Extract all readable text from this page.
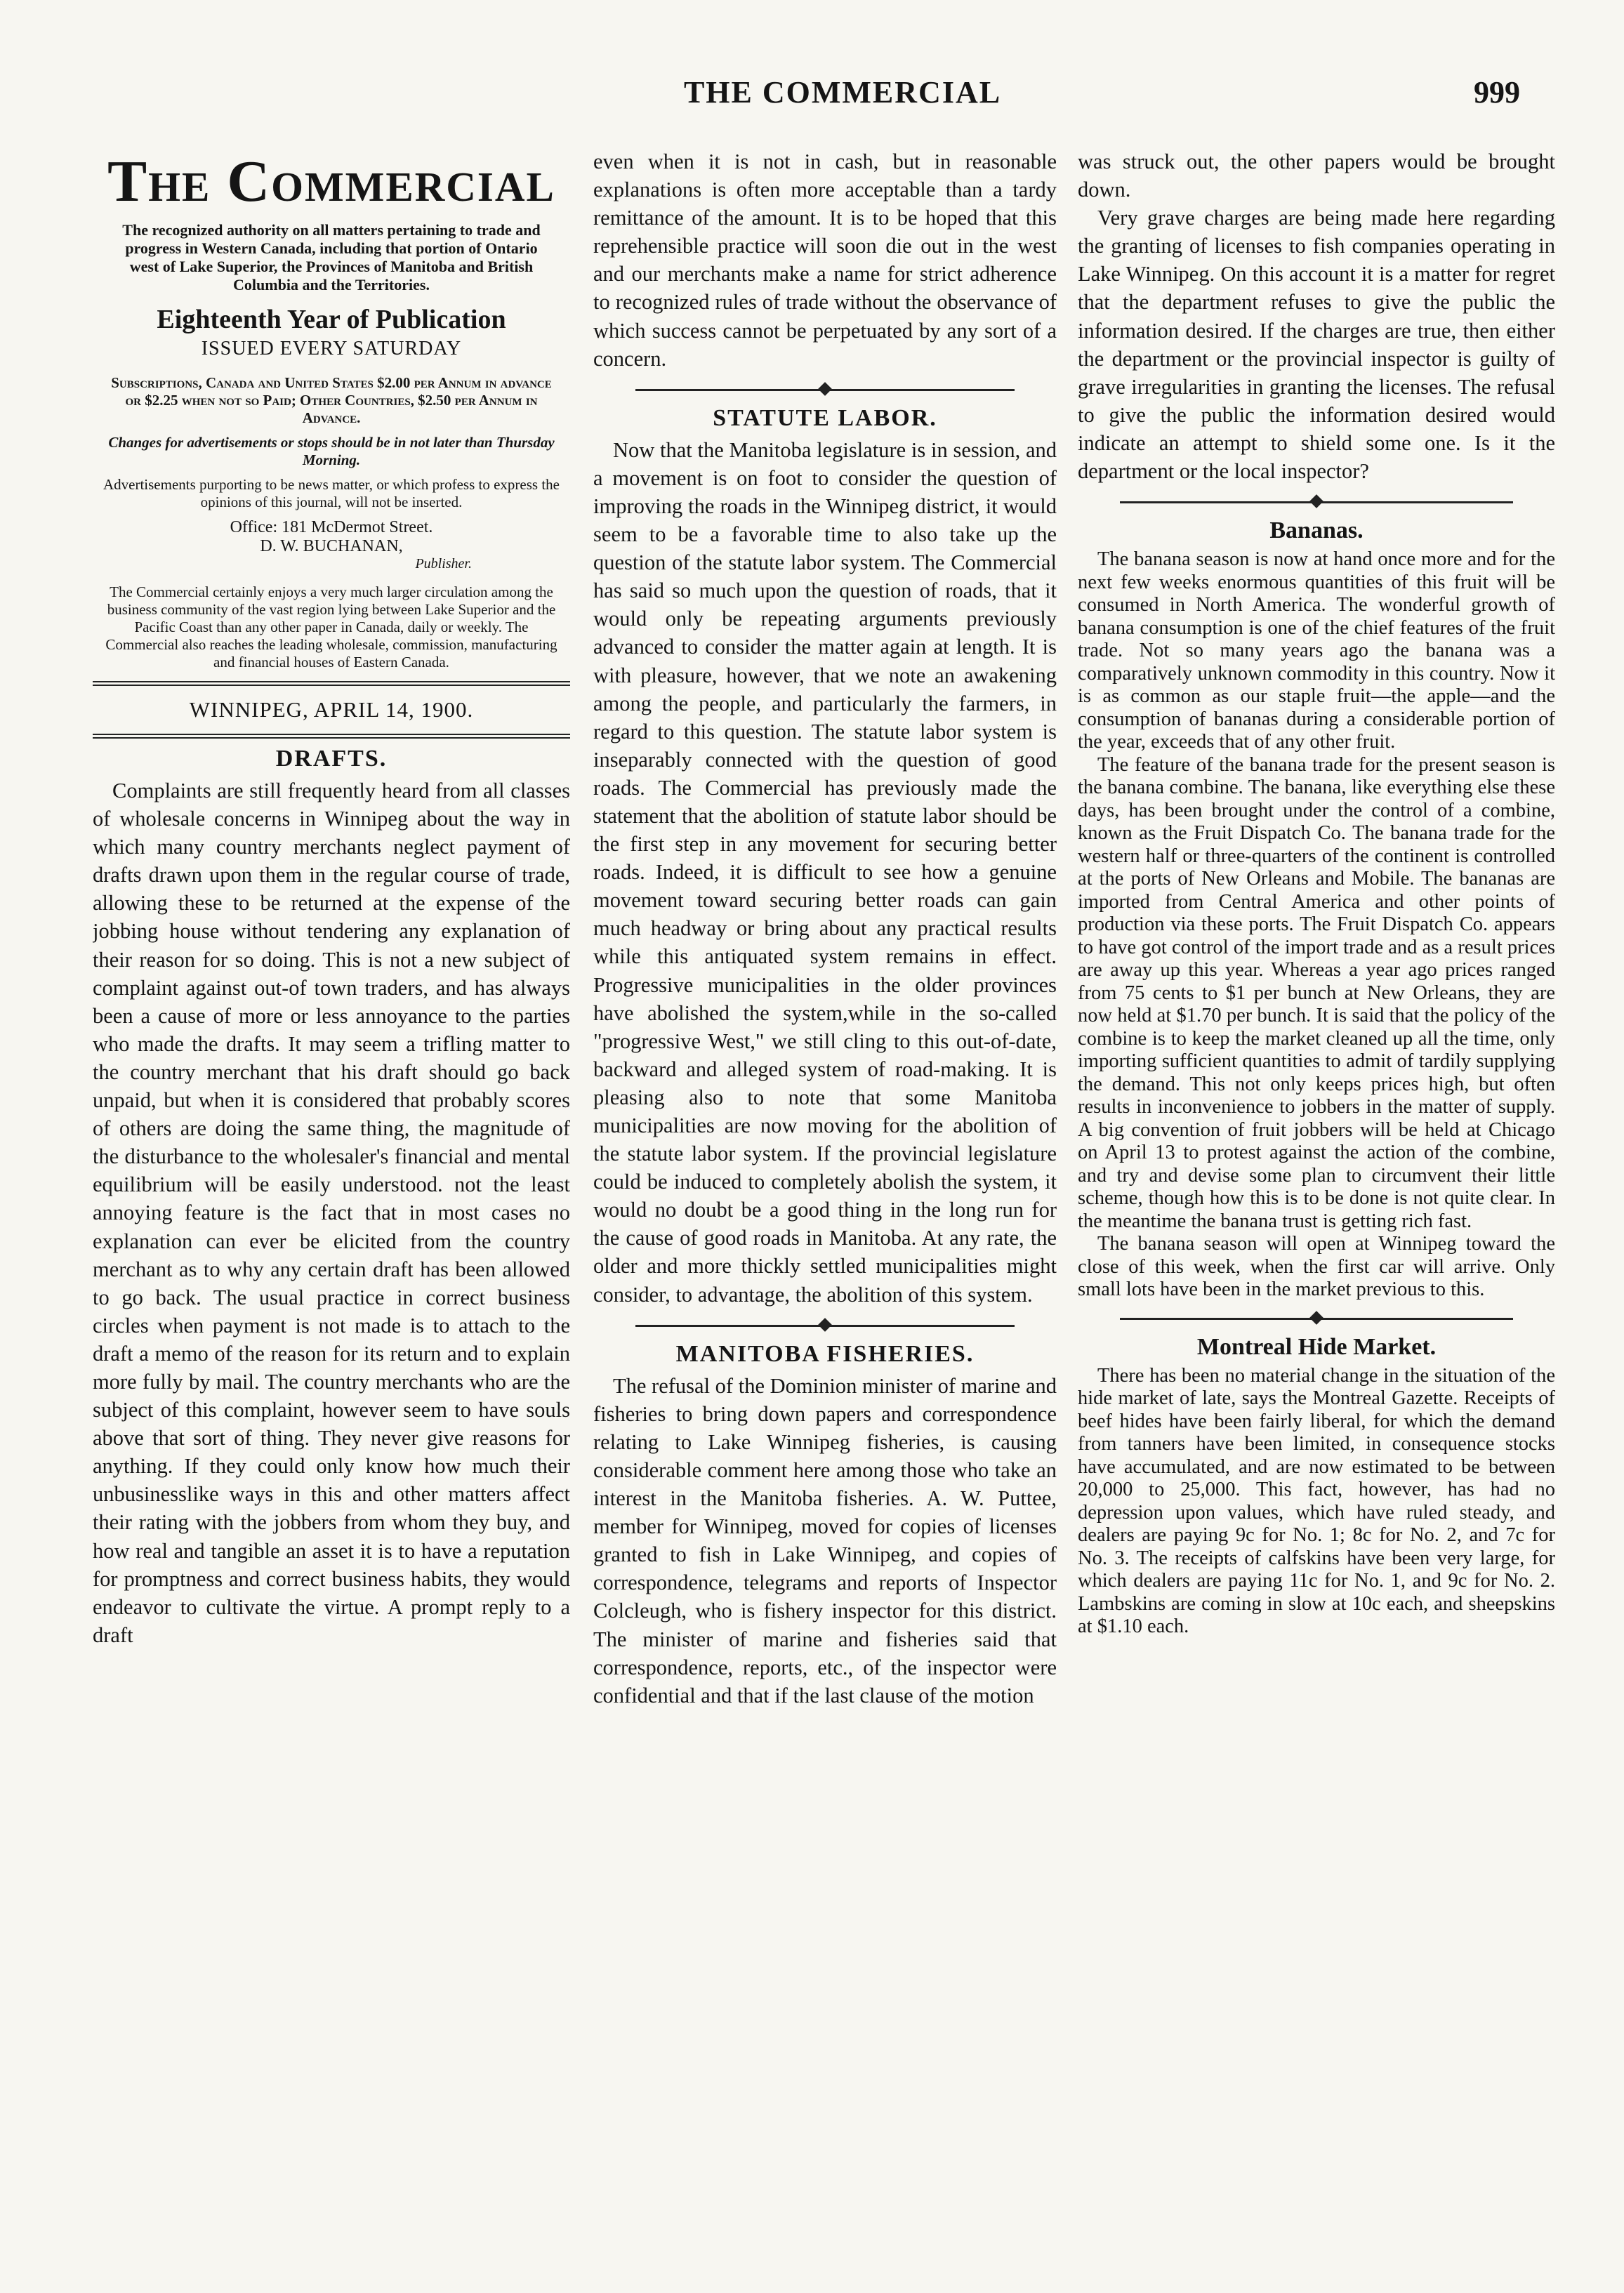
THE COMMERCIAL	999
The Commercial
The recognized authority on all matters pertaining to trade and progress in Western Canada, including that portion of Ontario west of Lake Superior, the Provinces of Manitoba and British Columbia and the Territories.
Eighteenth Year of Publication
ISSUED EVERY SATURDAY
Subscriptions, Canada and United States $2.00 per Annum in advance or $2.25 when not so Paid; Other Countries, $2.50 per Annum in Advance.
Changes for advertisements or stops should be in not later than Thursday Morning.
Advertisements purporting to be news matter, or which profess to express the opinions of this journal, will not be inserted.
Office: 181 McDermot Street.
D. W. BUCHANAN,
Publisher.
The Commercial certainly enjoys a very much larger circulation among the business community of the vast region lying between Lake Superior and the Pacific Coast than any other paper in Canada, daily or weekly. The Commercial also reaches the leading wholesale, commission, manufacturing and financial houses of Eastern Canada.
WINNIPEG, APRIL 14, 1900.
DRAFTS.

Complaints are still frequently heard from all classes of wholesale concerns in Winnipeg about the way in which many country merchants neglect payment of drafts drawn upon them in the regular course of trade, allowing these to be returned at the expense of the jobbing house without tendering any explanation of their reason for so doing. This is not a new subject of complaint against out-of town traders, and has always been a cause of more or less annoyance to the parties who made the drafts. It may seem a trifling matter to the country merchant that his draft should go back unpaid, but when it is considered that probably scores of others are doing the same thing, the magnitude of the disturbance to the wholesaler's financial and mental equilibrium will be easily understood. not the least annoying feature is the fact that in most cases no explanation can ever be elicited from the country merchant as to why any certain draft has been allowed to go back. The usual practice in correct business circles when payment is not made is to attach to the draft a memo of the reason for its return and to explain more fully by mail. The country merchants who are the subject of this complaint, however seem to have souls above that sort of thing. They never give reasons for anything. If they could only know how much their unbusinesslike ways in this and other matters affect their rating with the jobbers from whom they buy, and how real and tangible an asset it is to have a reputation for promptness and correct business habits, they would endeavor to cultivate the virtue. A prompt reply to a draft

even when it is not in cash, but in reasonable explanations is often more acceptable than a tardy remittance of the amount. It is to be hoped that this reprehensible practice will soon die out in the west and our merchants make a name for strict adherence to recognized rules of trade without the observance of which success cannot be perpetuated by any sort of a concern.

STATUTE LABOR.

Now that the Manitoba legislature is in session, and a movement is on foot to consider the question of improving the roads in the Winnipeg district, it would seem to be a favorable time to also take up the question of the statute labor system. The Commercial has said so much upon the question of roads, that it would only be repeating arguments previously advanced to consider the matter again at length. It is with pleasure, however, that we note an awakening among the people, and particularly the farmers, in regard to this question. The statute labor system is inseparably connected with the question of good roads. The Commercial has previously made the statement that the abolition of statute labor should be the first step in any movement for securing better roads. Indeed, it is difficult to see how a genuine movement toward securing better roads can gain much headway or bring about any practical results while this antiquated system remains in effect. Progressive municipalities in the older provinces have abolished the system,while in the so-called "progressive West," we still cling to this out-of-date, backward and alleged system of road-making. It is pleasing also to note that some Manitoba municipalities are now moving for the abolition of the statute labor system. If the provincial legislature could be induced to completely abolish the system, it would no doubt be a good thing in the long run for the cause of good roads in Manitoba. At any rate, the older and more thickly settled municipalities might consider, to advantage, the abolition of this system.

MANITOBA FISHERIES.

The refusal of the Dominion minister of marine and fisheries to bring down papers and correspondence relating to Lake Winnipeg fisheries, is causing considerable comment here among those who take an interest in the Manitoba fisheries. A. W. Puttee, member for Winnipeg, moved for copies of licenses granted to fish in Lake Winnipeg, and copies of correspondence, telegrams and reports of Inspector Colcleugh, who is fishery inspector for this district. The minister of marine and fisheries said that correspondence, reports, etc., of the inspector were confidential and that if the last clause of the motion

was struck out, the other papers would be brought down.

Very grave charges are being made here regarding the granting of licenses to fish companies operating in Lake Winnipeg. On this account it is a matter for regret that the department refuses to give the public the information desired. If the charges are true, then either the department or the provincial inspector is guilty of grave irregularities in granting the licenses. The refusal to give the public the information desired would indicate an attempt to shield some one. Is it the department or the local inspector?

Bananas.

The banana season is now at hand once more and for the next few weeks enormous quantities of this fruit will be consumed in North America. The wonderful growth of banana consumption is one of the chief features of the fruit trade. Not so many years ago the banana was a comparatively unknown commodity in this country. Now it is as common as our staple fruit—the apple—and the consumption of bananas during a considerable portion of the year, exceeds that of any other fruit.

The feature of the banana trade for the present season is the banana combine. The banana, like everything else these days, has been brought under the control of a combine, known as the Fruit Dispatch Co. The banana trade for the western half or three-quarters of the continent is controlled at the ports of New Orleans and Mobile. The bananas are imported from Central America and other points of production via these ports. The Fruit Dispatch Co. appears to have got control of the import trade and as a result prices are away up this year. Whereas a year ago prices ranged from 75 cents to $1 per bunch at New Orleans, they are now held at $1.70 per bunch. It is said that the policy of the combine is to keep the market cleaned up all the time, only importing sufficient quantities to admit of tardily supplying the demand. This not only keeps prices high, but often results in inconvenience to jobbers in the matter of supply. A big convention of fruit jobbers will be held at Chicago on April 13 to protest against the action of the combine, and try and devise some plan to circumvent their little scheme, though how this is to be done is not quite clear. In the meantime the banana trust is getting rich fast.

The banana season will open at Winnipeg toward the close of this week, when the first car will arrive. Only small lots have been in the market previous to this.

Montreal Hide Market.

There has been no material change in the situation of the hide market of late, says the Montreal Gazette. Receipts of beef hides have been fairly liberal, for which the demand from tanners have been limited, in consequence stocks have accumulated, and are now estimated to be between 20,000 to 25,000. This fact, however, has had no depression upon values, which have ruled steady, and dealers are paying 9c for No. 1; 8c for No. 2, and 7c for No. 3. The receipts of calfskins have been very large, for which dealers are paying 11c for No. 1, and 9c for No. 2. Lambskins are coming in slow at 10c each, and sheepskins at $1.10 each.
